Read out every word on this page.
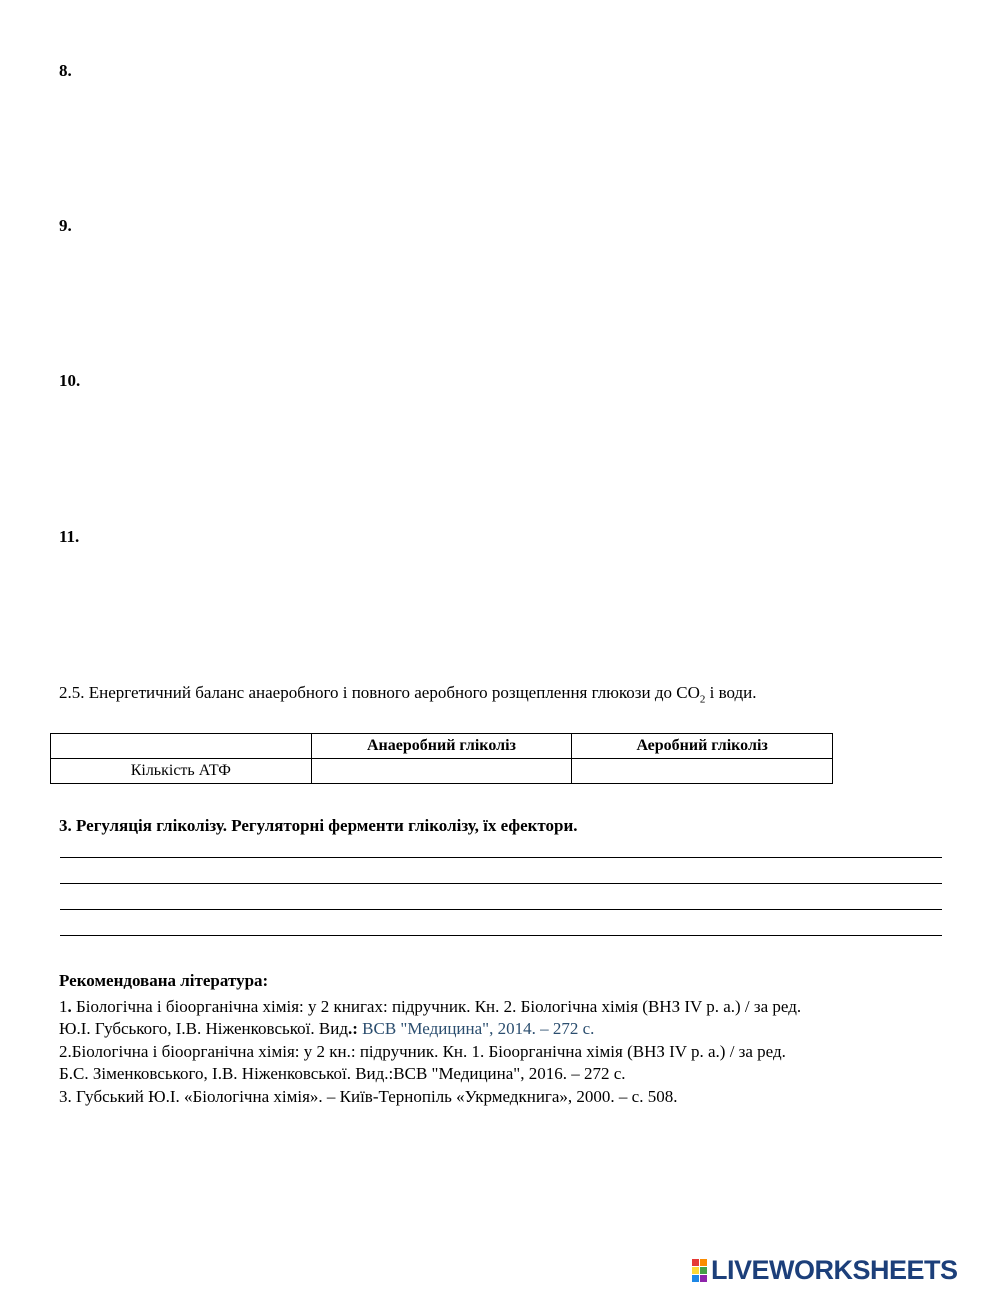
8.
9.
10.
11.
2.5. Енергетичний баланс анаеробного і повного аеробного розщеплення глюкози до $CO_2$ і води.
	Анаеробний гліколіз	Аеробний гліколіз
Кількість АТФ		
3. Регуляція гліколізу. Регуляторні ферменти гліколізу, їх ефектори.
Рекомендована література:
1. Біологічна і біоорганічна хімія: у 2 книгах: підручник. Кн. 2. Біологічна хімія (ВНЗ IV р. а.) / за ред.
Ю.І. Губського, І.В. Ніженковської. Вид.: ВСВ "Медицина", 2014. – 272 с.
2.Біологічна і біоорганічна хімія: у 2 кн.: підручник. Кн. 1. Біоорганічна хімія (ВНЗ IV р. а.) / за ред.
Б.С. Зіменковського, І.В. Ніженковської. Вид.:ВСВ "Медицина", 2016. – 272 с.
3. Губський Ю.І. «Біологічна хімія». – Київ-Тернопіль «Укрмедкнига», 2000. – с. 508.
LIVEWORKSHEETS
